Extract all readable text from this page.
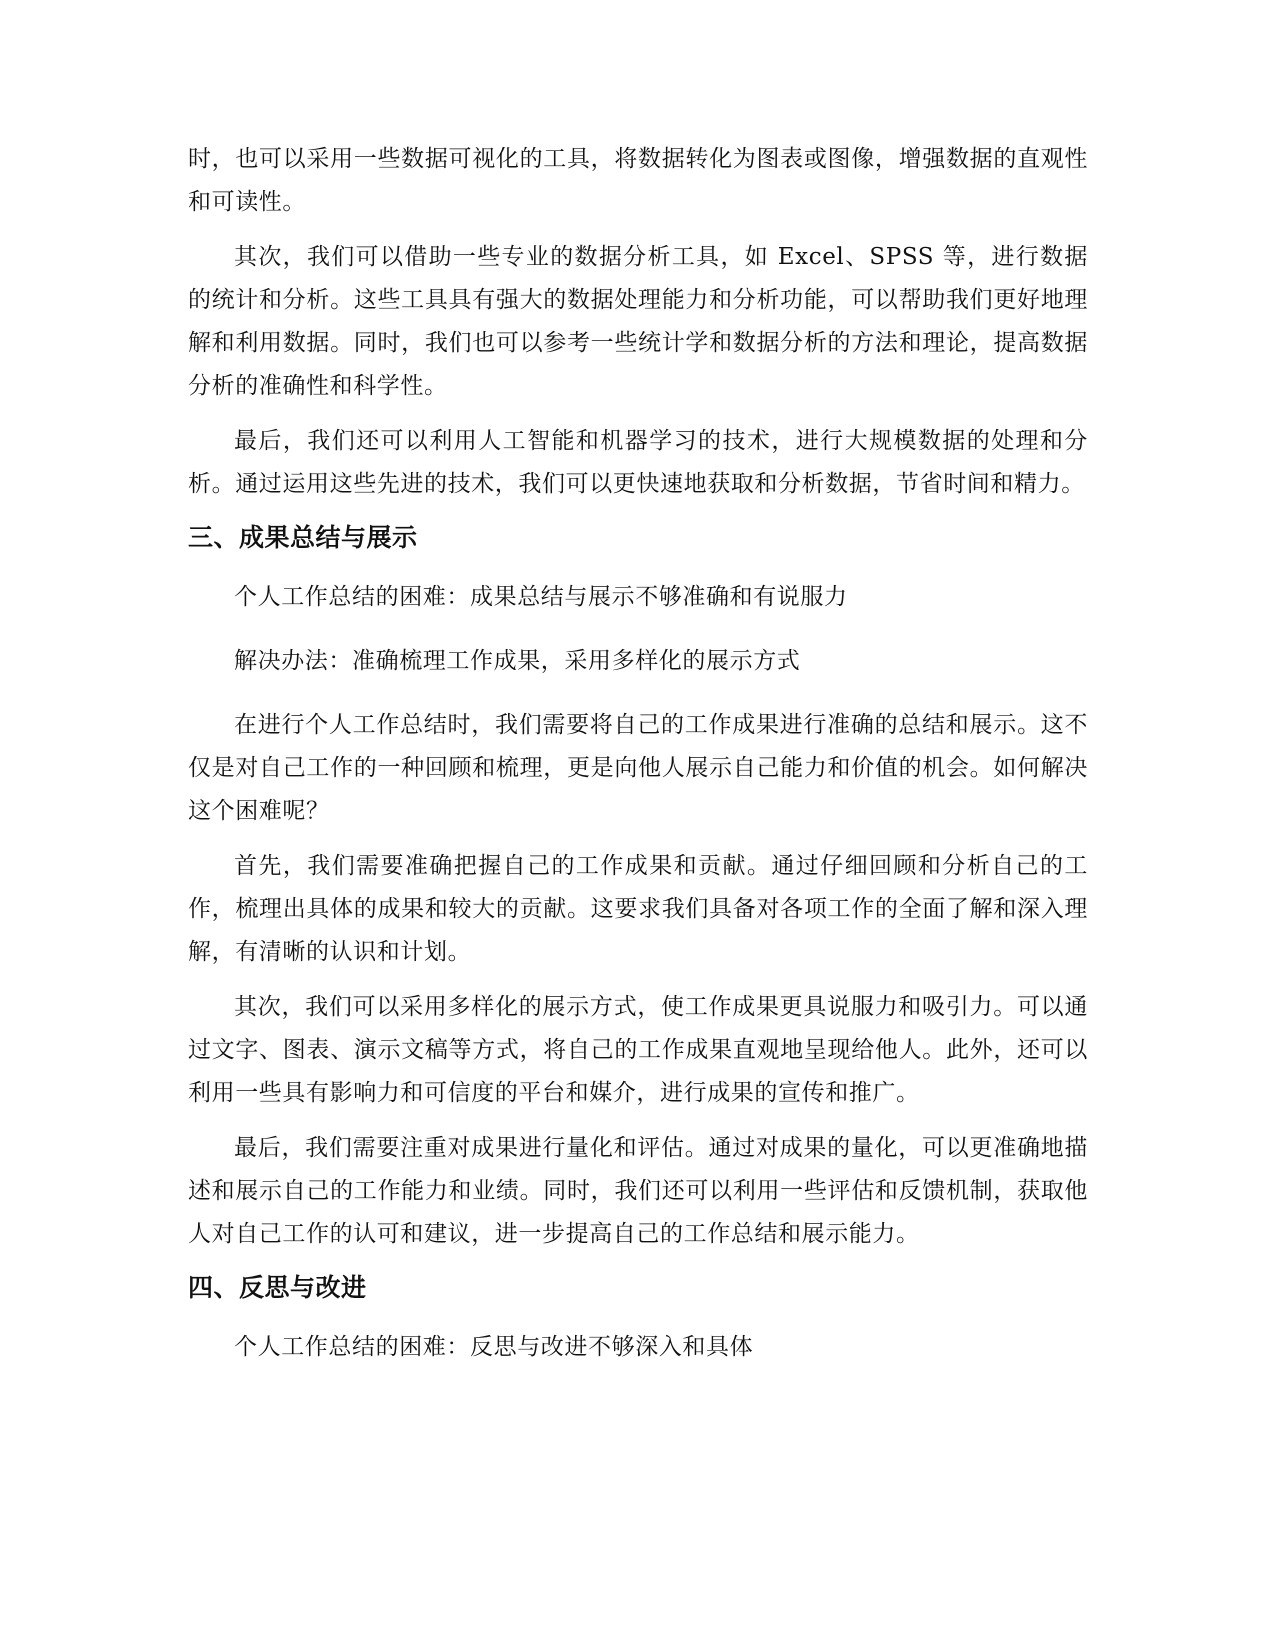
时，也可以采用一些数据可视化的工具，将数据转化为图表或图像，增强数据的直观性和可读性。

其次，我们可以借助一些专业的数据分析工具，如 Excel、SPSS 等，进行数据的统计和分析。这些工具具有强大的数据处理能力和分析功能，可以帮助我们更好地理解和利用数据。同时，我们也可以参考一些统计学和数据分析的方法和理论，提高数据分析的准确性和科学性。

最后，我们还可以利用人工智能和机器学习的技术，进行大规模数据的处理和分析。通过运用这些先进的技术，我们可以更快速地获取和分析数据，节省时间和精力。

三、成果总结与展示

个人工作总结的困难：成果总结与展示不够准确和有说服力

解决办法：准确梳理工作成果，采用多样化的展示方式

在进行个人工作总结时，我们需要将自己的工作成果进行准确的总结和展示。这不仅是对自己工作的一种回顾和梳理，更是向他人展示自己能力和价值的机会。如何解决这个困难呢？

首先，我们需要准确把握自己的工作成果和贡献。通过仔细回顾和分析自己的工作，梳理出具体的成果和较大的贡献。这要求我们具备对各项工作的全面了解和深入理解，有清晰的认识和计划。

其次，我们可以采用多样化的展示方式，使工作成果更具说服力和吸引力。可以通过文字、图表、演示文稿等方式，将自己的工作成果直观地呈现给他人。此外，还可以利用一些具有影响力和可信度的平台和媒介，进行成果的宣传和推广。

最后，我们需要注重对成果进行量化和评估。通过对成果的量化，可以更准确地描述和展示自己的工作能力和业绩。同时，我们还可以利用一些评估和反馈机制，获取他人对自己工作的认可和建议，进一步提高自己的工作总结和展示能力。

四、反思与改进

个人工作总结的困难：反思与改进不够深入和具体
